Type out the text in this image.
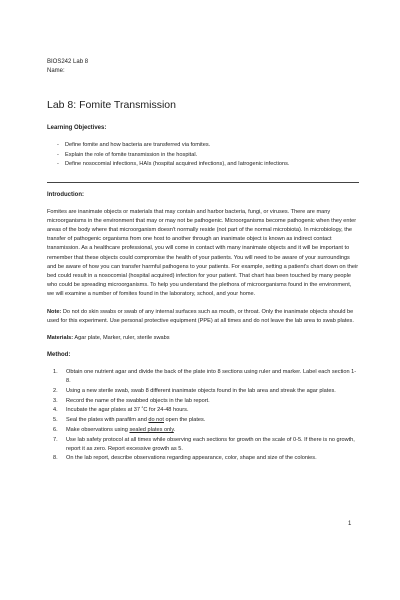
BIOS242 Lab 8

Name:

Lab 8: Fomite Transmission
Learning Objectives:
- Define fomite and how bacteria are transferred via fomites.
- Explain the role of fomite transmission in the hospital.
- Define nosocomial infections, HAIs (hospital acquired infections), and Iatrogenic infections.
Introduction:

Fomites are inanimate objects or materials that may contain and harbor bacteria, fungi, or viruses. There are many microorganisms in the environment that may or may not be pathogenic. Microorganisms become pathogenic when they enter areas of the body where that microorganism doesn't normally reside (not part of the normal microbiota). In microbiology, the transfer of pathogenic organisms from one host to another through an inanimate object is known as indirect contact transmission. As a healthcare professional, you will come in contact with many inanimate objects and it will be important to remember that these objects could compromise the health of your patients. You will need to be aware of your surroundings and be aware of how you can transfer harmful pathogens to your patients. For example, setting a patient's chart down on their bed could result in a nosocomial (hospital acquired) infection for your patient. That chart has been touched by many people who could be spreading microorganisms. To help you understand the plethora of microorganisms found in the environment, we will examine a number of fomites found in the laboratory, school, and your home.

Note: Do not do skin swabs or swab of any internal surfaces such as mouth, or throat. Only the inanimate objects should be used for this experiment. Use personal protective equipment (PPE) at all times and do not leave the lab area to swab plates.

Materials: Agar plate, Marker, ruler, sterile swabs

Method:
1. Obtain one nutrient agar and divide the back of the plate into 8 sections using ruler and marker. Label each section 1-8.
2. Using a new sterile swab, swab 8 different inanimate objects found in the lab area and streak the agar plates.
3. Record the name of the swabbed objects in the lab report.
4. Incubate the agar plates at 37 ˚C for 24-48 hours.
5. Seal the plates with parafilm and do not open the plates.
6. Make observations using sealed plates only.
7. Use lab safety protocol at all times while observing each sections for growth on the scale of 0-5. If there is no growth, report it as zero. Report excessive growth as 5.
8. On the lab report, describe observations regarding appearance, color, shape and size of the colonies.
1
